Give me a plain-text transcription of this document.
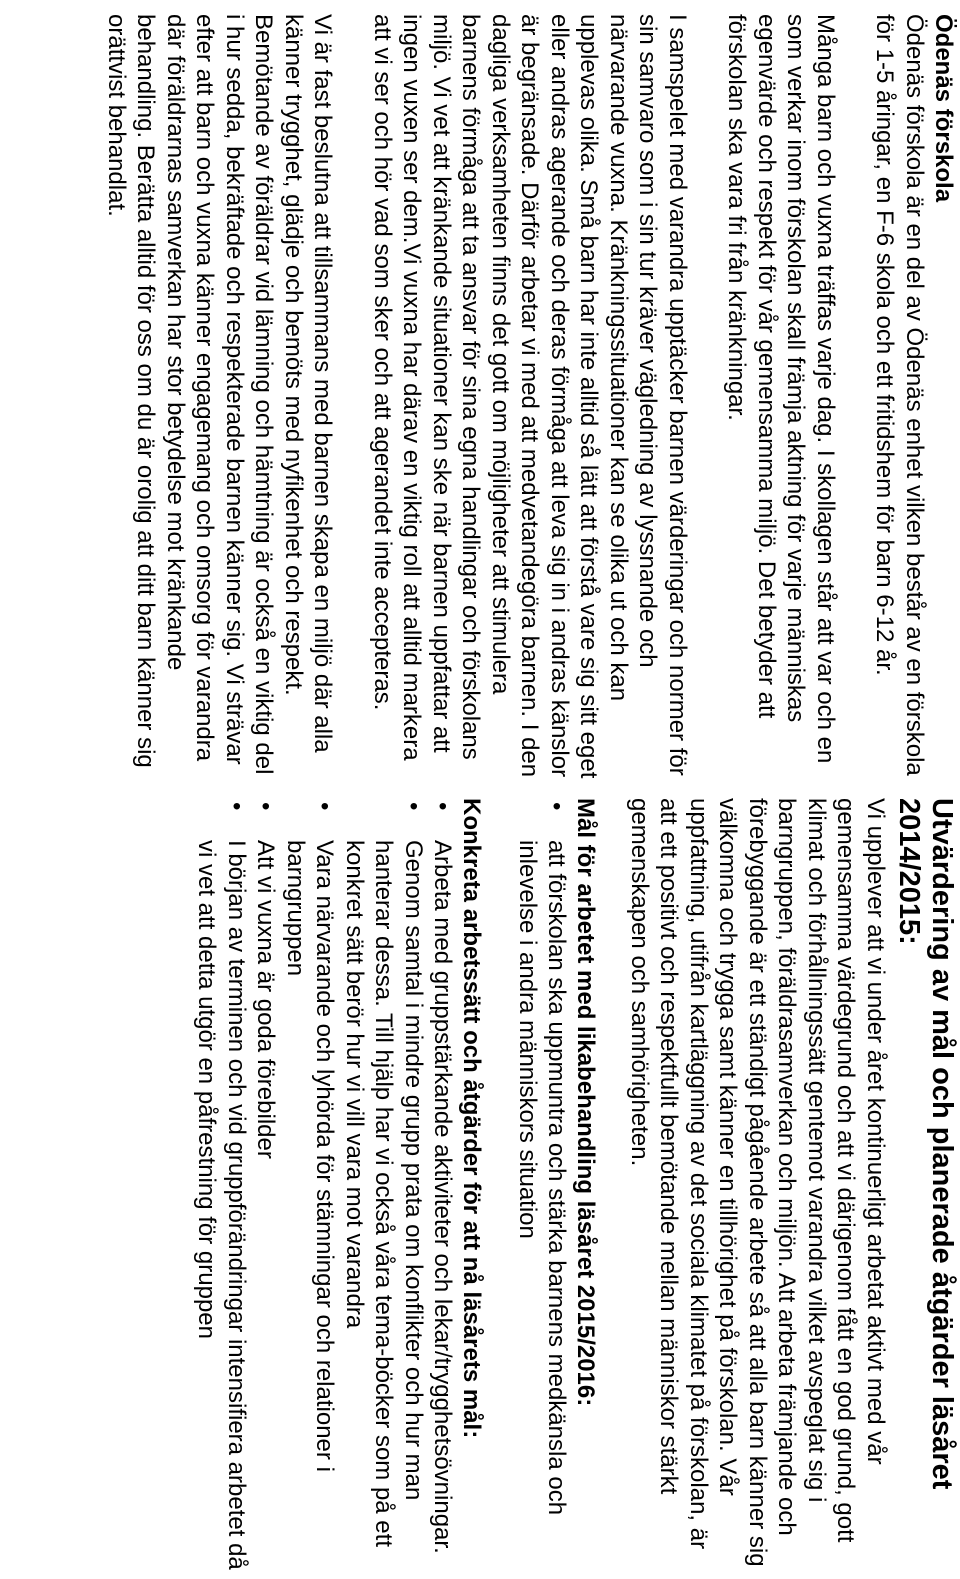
Ödenäs förskola

Ödenäs förskola är en del av Ödenäs enhet vilken består av en förskola för 1-5 åringar, en F-6 skola och ett fritidshem för barn 6-12 år.

Många barn och vuxna träffas varje dag. I skollagen står att var och en som verkar inom förskolan skall främja aktning för varje människas egenvärde och respekt för vår gemensamma miljö. Det betyder att förskolan ska vara fri från kränkningar.

I samspelet med varandra upptäcker barnen värderingar och normer för sin samvaro som i sin tur kräver vägledning av lyssnande och närvarande vuxna. Kränkningssituationer kan se olika ut och kan upplevas olika. Små barn har inte alltid så lätt att förstå vare sig sitt eget eller andras agerande och deras förmåga att leva sig in i andras känslor är begränsade. Därför arbetar vi med att medvetandegöra barnen. I den dagliga verksamheten finns det gott om möjligheter att stimulera barnens förmåga att ta ansvar för sina egna handlingar och förskolans miljö. Vi vet att kränkande situationer kan ske när barnen uppfattar att ingen vuxen ser dem.Vi vuxna har därav en viktig roll att alltid markera att vi ser och hör vad som sker och att agerandet inte accepteras.

Vi är fast beslutna att tillsammans med barnen skapa en miljö där alla känner trygghet, glädje och bemöts med nyfikenhet och respekt. Bemötande av föräldrar vid lämning och hämtning är också en viktig del i hur sedda, bekräftade och respekterade barnen känner sig. Vi strävar efter att barn och vuxna känner engagemang och omsorg för varandra där föräldrarnas samverkan har stor betydelse mot kränkande behandling. Berätta alltid för oss om du är orolig att ditt barn känner sig orättvist behandlat.

Utvärdering av mål och planerade åtgärder läsåret 2014/2015:

Vi upplever att vi under året kontinuerligt arbetat aktivt med vår gemensamma värdegrund och att vi därigenom fått en god grund, gott klimat och förhållningssätt gentemot varandra vilket avspeglat sig i barngruppen, föräldrasamverkan och miljön. Att arbeta främjande och förebyggande är ett ständigt pågående arbete så att alla barn känner sig välkomna och trygga samt känner en tillhörighet på förskolan. Vår uppfattning, utifrån kartläggning av det sociala klimatet på förskolan, är att ett positivt och respektfullt bemötande mellan människor stärkt gemenskapen och samhörigheten.

Mål för arbetet med likabehandling läsåret 2015/2016:
• att förskolan ska uppmuntra och stärka barnens medkänsla och inlevelse i andra människors situation
Konkreta arbetssätt och åtgärder för att nå läsårets mål:
• Arbeta med gruppstärkande aktiviteter och lekar/trygghetsövningar.
• Genom samtal i mindre grupp prata om konflikter och hur man hanterar dessa. Till hjälp har vi också våra tema-böcker som på ett konkret sätt berör hur vi vill vara mot varandra
• Vara närvarande och lyhörda för stämningar och relationer i barngruppen
• Att vi vuxna är goda förebilder
• I början av terminen och vid gruppförändringar intensifiera arbetet då vi vet att detta utgör en påfrestning för gruppen
